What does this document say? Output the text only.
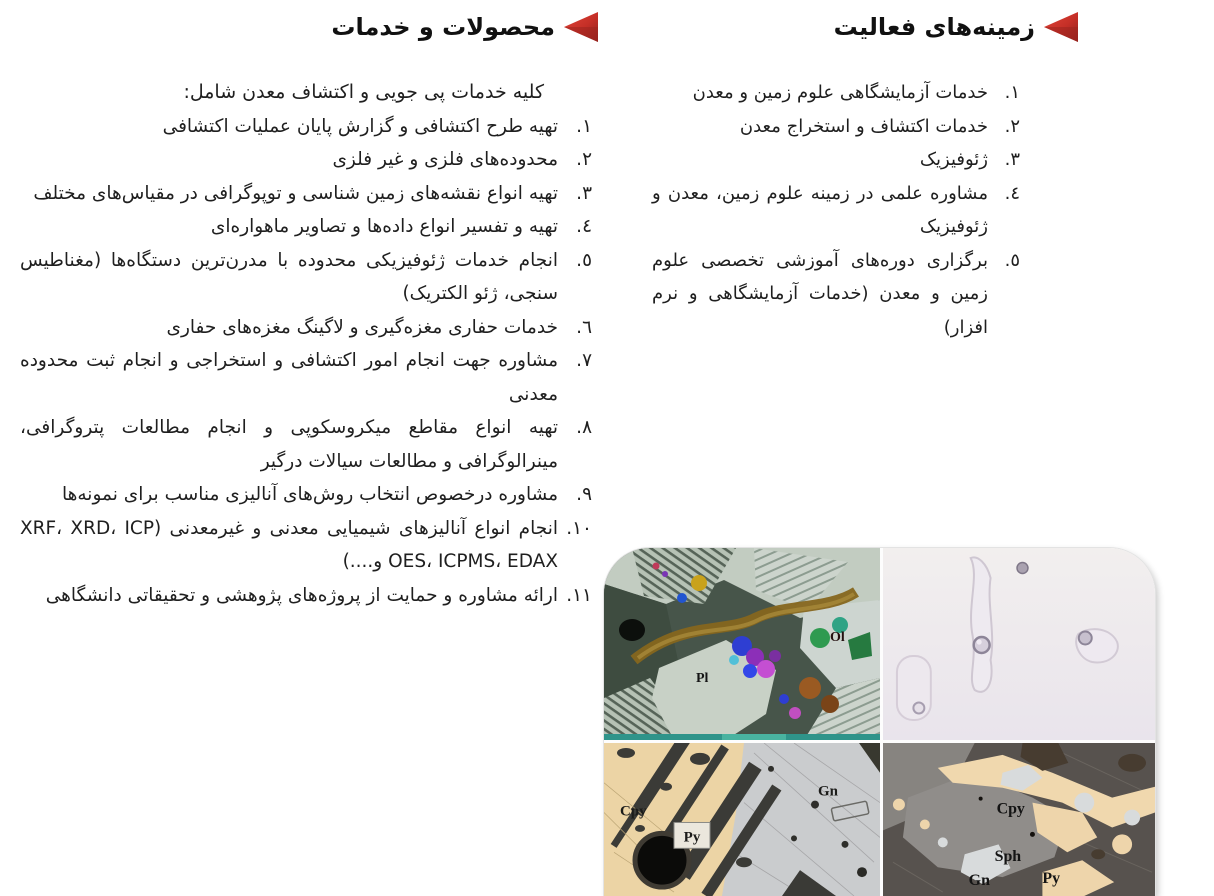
زمینه‌های فعالیت
محصولات و خدمات
١.
خدمات آزمایشگاهی علوم زمین و معدن
٢.
خدمات اکتشاف و استخراج معدن
٣.
ژئوفیزیک
٤.
مشاوره علمی در زمینه علوم زمین، معدن و ژئوفیزیک
٥.
برگزاری دوره‌های آموزشی تخصصی علوم زمین و معدن (خدمات آزمایشگاهی و نرم افزار)

کلیه خدمات پی جویی و اکتشاف معدن شامل:

١.
تهیه طرح اکتشافی و گزارش پایان عملیات اکتشافی
٢.
محدوده‌های فلزی و غیر فلزی
٣.
تهیه انواع نقشه‌های زمین شناسی و توپوگرافی در مقیاس‌های مختلف
٤.
تهیه و تفسیر انواع داده‌ها و تصاویر ماهواره‌ای
٥.
انجام خدمات ژئوفیزیکی محدوده با مدرن‌ترین دستگاه‌ها (مغناطیس سنجی، ژئو الکتریک)
٦.
خدمات حفاری مغزه‌گیری و لاگینگ مغزه‌های حفاری
٧.
مشاوره جهت انجام امور اکتشافی و استخراجی و انجام ثبت محدوده معدنی
٨.
تهیه انواع مقاطع میکروسکوپی و انجام مطالعات پتروگرافی، مینرالوگرافی و مطالعات سیالات درگیر
٩.
مشاوره درخصوص انتخاب روش‌های آنالیزی مناسب برای نمونه‌ها
١٠.
انجام انواع آنالیزهای شیمیایی معدنی و غیرمعدنی (XRF، XRD، ICP OES، ICPMS، EDAX و....)
١١.
ارائه مشاوره و حمایت از پروژه‌های پژوهشی و تحقیقاتی دانشگاهی
Pl
Ol
Py
Cpy
Gn
Cpy
Sph
Gn	Py
